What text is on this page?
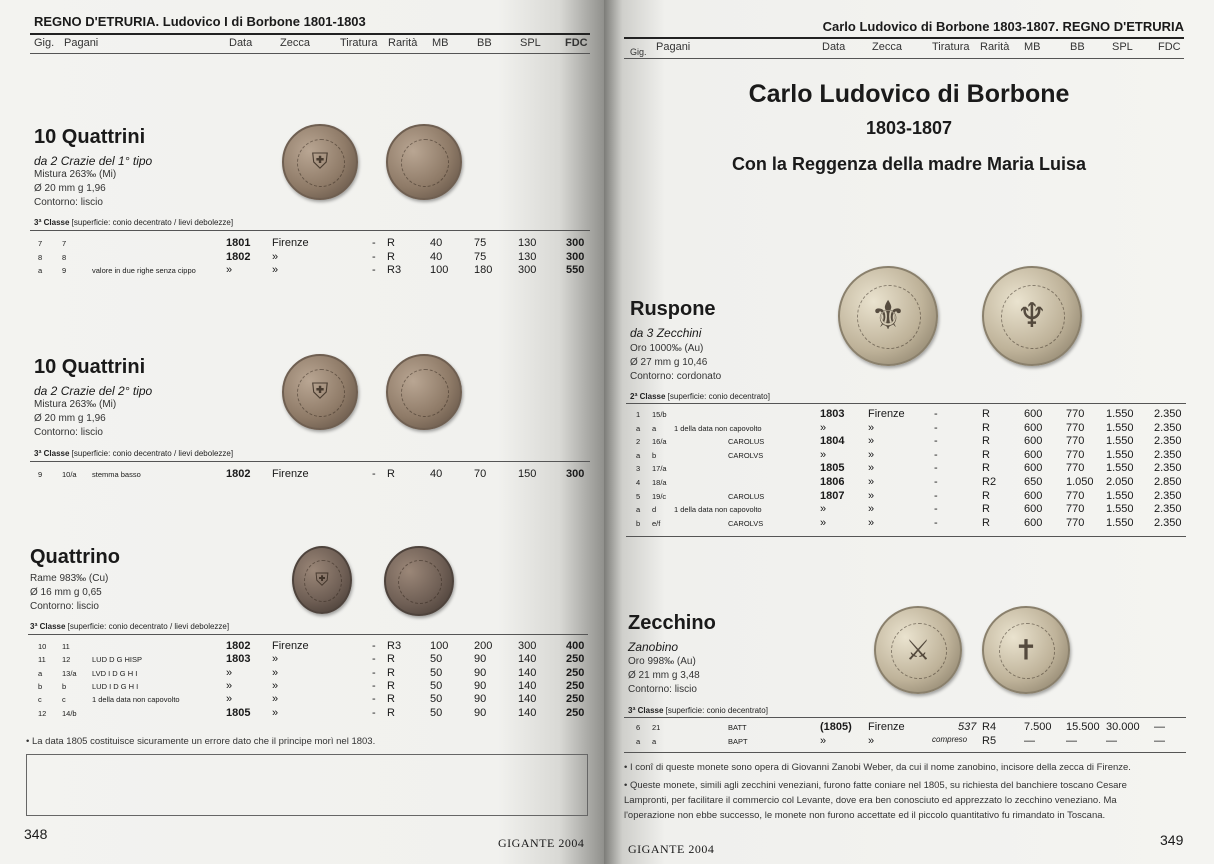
REGNO D'ETRURIA. Ludovico I di Borbone 1801-1803
Gig. Pagani	Data	Zecca	Tiratura Rarità MB	BB	SPL FDC
10 Quattrini
da 2 Crazie del 1° tipo
Mistura 263‰ (Mi)
Ø 20 mm g 1,96
Contorno: liscio
⛨
3ª Classe [superficie: conio decentrato / lievi debolezze]
7	7	1801 Firenze	- R	40	75	130	300
8	8	1802 »	- R	40	75	130	300
a	9	valore in due righe senza cippo	»	»	- R3	100 180 300	550
10 Quattrini
da 2 Crazie del 2° tipo
Mistura 263‰ (Mi)
Ø 20 mm g 1,96
Contorno: liscio
⛨
3ª Classe [superficie: conio decentrato / lievi debolezze]
9	10/a stemma basso	1802 Firenze	- R	40	70	150	300
Quattrino
Rame 983‰ (Cu)
Ø 16 mm g 0,65
Contorno: liscio
⛨
3ª Classe [superficie: conio decentrato / lievi debolezze]
10 11	1802 Firenze	- R3	100 200 300	400
11 12	LUD D G HISP	1803 »	- R	50	90	140	250
a	13/a LVD I D G H I	»	»	- R	50	90	140	250
b	b	LUD I D G H I	»	»	- R	50	90	140	250
c	c	1 della data non capovolto	»	»	- R	50	90	140	250
12 14/b	1805 »	- R	50	90	140	250
• La data 1805 costituisce sicuramente un errore dato che il principe morì nel 1803.
348
GIGANTE 2004
Carlo Ludovico di Borbone 1803-1807. REGNO D'ETRURIA
Gig. Pagani	Data Zecca	Tiratura Rarità MB	BB SPL FDC
Carlo Ludovico di Borbone
1803-1807
Con la Reggenza della madre Maria Luisa
Ruspone
da 3 Zecchini
Oro 1000‰ (Au)
Ø 27 mm g 10,46
Contorno: cordonato
⚜	♆
2ª Classe [superficie: conio decentrato]
1 15/b	1803 Firenze	-	R	600 770 1.550 2.350
a a 1 della data non capovolto	»	»	-	R	600 770 1.550 2.350
2 16/a	CAROLUS	1804 »	-	R	600 770 1.550 2.350
a b	CAROLVS	»	»	-	R	600 770 1.550 2.350
3 17/a	1805 »	-	R	600 770 1.550 2.350
4 18/a	1806 »	-	R2	650 1.050 2.050 2.850
5 19/c	CAROLUS	1807 »	-	R	600 770 1.550 2.350
a d 1 della data non capovolto	»	»	-	R	600 770 1.550 2.350
b e/f	CAROLVS	»	»	-	R	600 770 1.550 2.350
Zecchino
Zanobino
Oro 998‰ (Au)
Ø 21 mm g 3,48
Contorno: liscio
⚔	✝
3ª Classe [superficie: conio decentrato]
6 21	BATT	(1805) Firenze	537 R4	7.500 15.500 30.000 —
a a	BAPT	»	»	compreso R5	—	—	—	—
• I conî di queste monete sono opera di Giovanni Zanobi Weber, da cui il nome zanobino, incisore della zecca di Firenze.
• Queste monete, simili agli zecchini veneziani, furono fatte coniare nel 1805, su richiesta del banchiere toscano Cesare
Lampronti, per facilitare il commercio col Levante, dove era ben conosciuto ed apprezzato lo zecchino veneziano. Ma
l'operazione non ebbe successo, le monete non furono accettate ed il piccolo quantitativo fu rimandato in Toscana.
GIGANTE 2004
349
